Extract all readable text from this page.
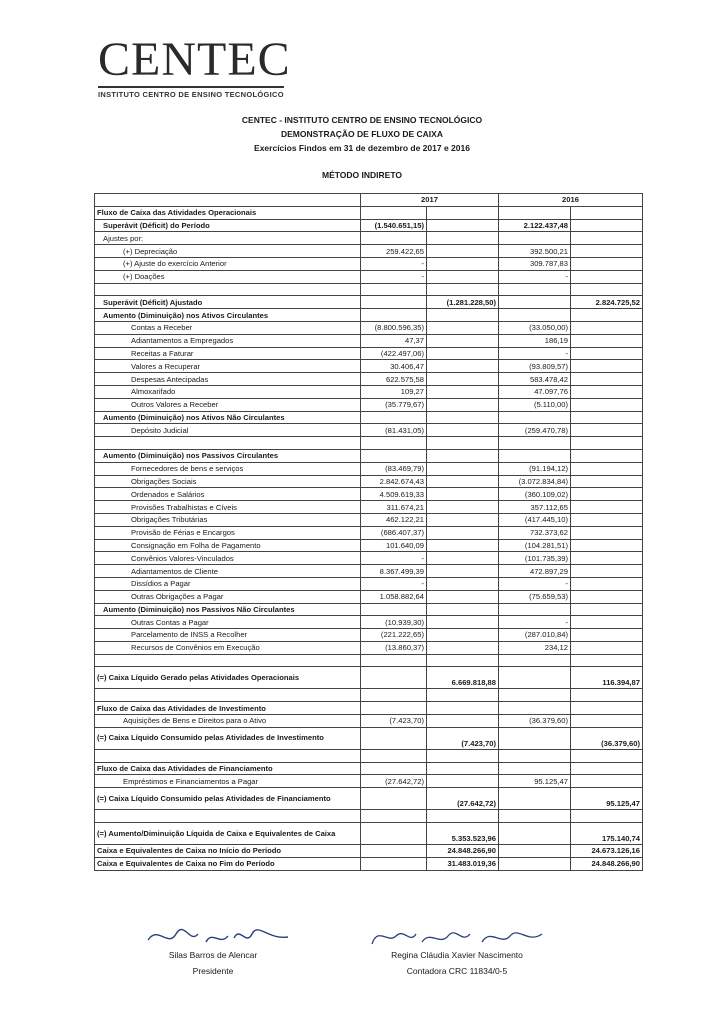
CENTEC
INSTITUTO CENTRO DE ENSINO TECNOLÓGICO
CENTEC - INSTITUTO CENTRO DE ENSINO TECNOLÓGICO
DEMONSTRAÇÃO DE FLUXO DE CAIXA
Exercícios Findos em 31 de dezembro de 2017 e 2016
MÉTODO INDIRETO
	2017		2016	
Fluxo de Caixa das Atividades Operacionais				
Superávit (Déficit) do Período	(1.540.651,15)		2.122.437,48	
Ajustes por:				
(+) Depreciação	259.422,65		392.500,21	
(+) Ajuste do exercício Anterior	-		309.787,83	
(+) Doações	-		-	

Superávit (Déficit) Ajustado		(1.281.228,50)		2.824.725,52
Aumento (Diminuição) nos Ativos Circulantes				
Contas a Receber	(8.800.596,35)		(33.050,00)	
Adiantamentos a Empregados	47,37		186,19	
Receitas a Faturar	(422.497,06)		-	
Valores a Recuperar	30.406,47		(93.809,57)	
Despesas Antecipadas	622.575,58		583.478,42	
Almoxarifado	109,27		47.097,76	
Outros Valores a Receber	(35.779,67)		(5.110,00)	
Aumento (Diminuição) nos Ativos Não Circulantes				
Depósito Judicial	(81.431,05)		(259.470,78)	

Aumento (Diminuição) nos Passivos Circulantes				
Fornecedores de bens e serviços	(83.469,79)		(91.194,12)	
Obrigações Sociais	2.842.674,43		(3.072.834,84)	
Ordenados e Salários	4.509.619,33		(360.109,02)	
Provisões Trabalhistas e Cíveis	311.674,21		357.112,65	
Obrigações Tributárias	462.122,21		(417.445,10)	
Provisão de Férias e Encargos	(686.407,37)		732.373,62	
Consignação em Folha de Pagamento	101.640,09		(104.281,51)	
Convênios Valores-Vinculados	-		(101.735,39)	
Adiantamentos de Cliente	8.367.499,39		472.897,29	
Dissídios a Pagar	-		-	
Outras Obrigações a Pagar	1.058.882,64		(75.659,53)	
Aumento (Diminuição) nos Passivos Não Circulantes				
Outras Contas a Pagar	(10.939,30)		-	
Parcelamento de INSS a Recolher	(221.222,65)		(287.010,84)	
Recursos de Convênios em Execução	(13.860,37)		234,12	

(=) Caixa Líquido Gerado pelas Atividades Operacionais		6.669.818,88		116.394,87

Fluxo de Caixa das Atividades de Investimento				
Aquisições de Bens e Direitos para o Ativo	(7.423,70)		(36.379,60)	
(=) Caixa Líquido Consumido pelas Atividades de Investimento		(7.423,70)		(36.379,60)

Fluxo de Caixa das Atividades de Financiamento				
Empréstimos e Financiamentos a Pagar	(27.642,72)		95.125,47	
(=) Caixa Líquido Consumido pelas Atividades de Financiamento		(27.642,72)		95.125,47

(=) Aumento/Diminuição Líquida de Caixa e Equivalentes de Caixa		5.353.523,96		175.140,74
Caixa e Equivalentes de Caixa no Início do Período		24.848.266,90		24.673.126,16
Caixa e Equivalentes de Caixa no Fim do Período		31.483.019,36		24.848.266,90
Silas Barros de Alencar
Presidente
Regina Cláudia Xavier Nascimento
Contadora CRC 11834/0-5
